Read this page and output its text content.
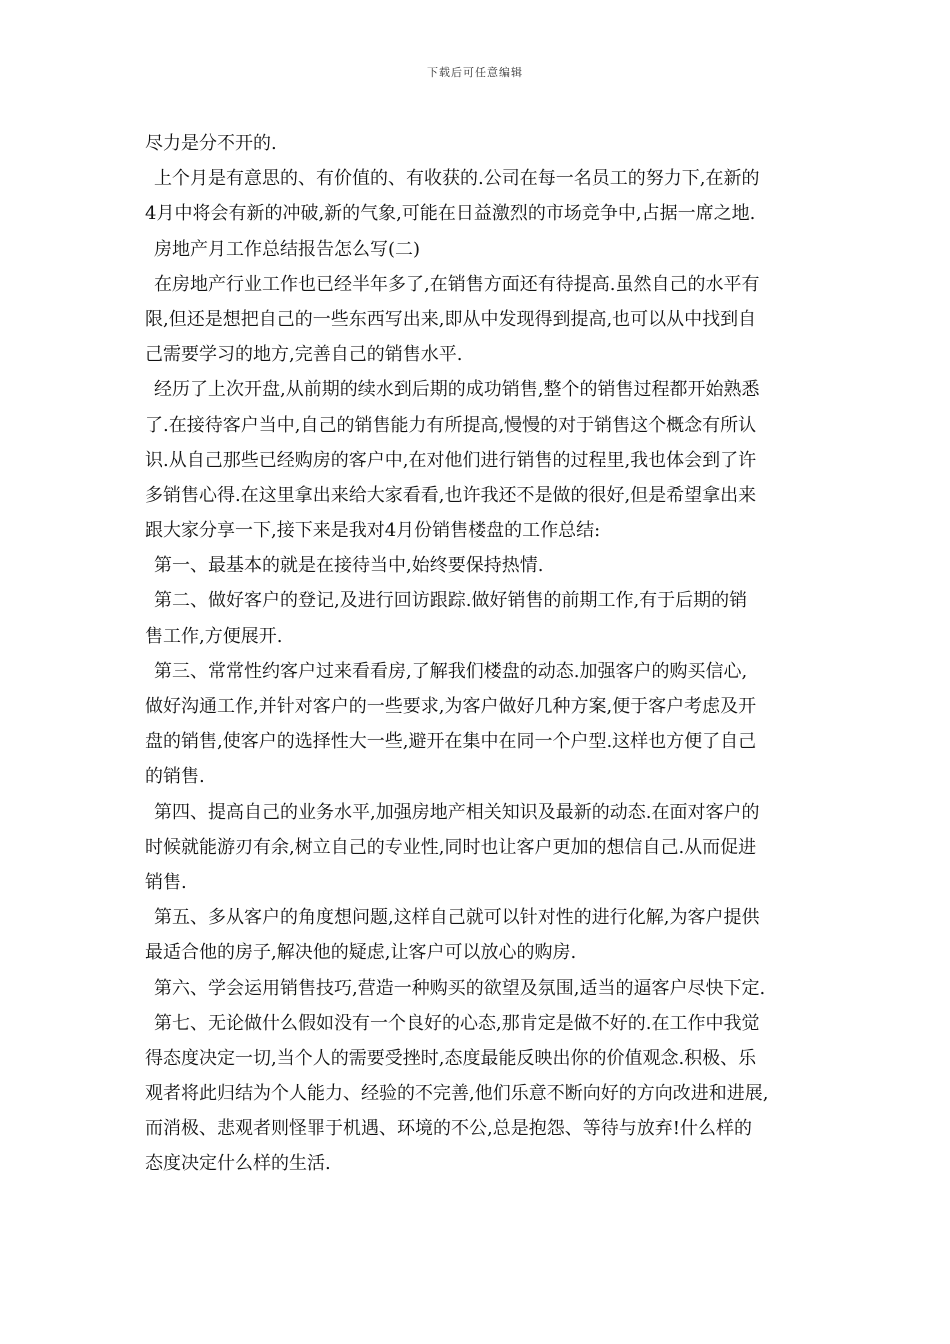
下载后可任意编辑
尽力是分不开的.
上个月是有意思的、有价值的、有收获的.公司在每一名员工的努力下,在新的
4月中将会有新的冲破,新的气象,可能在日益激烈的市场竞争中,占据一席之地.
房地产月工作总结报告怎么写(二)
在房地产行业工作也已经半年多了,在销售方面还有待提高.虽然自己的水平有
限,但还是想把自己的一些东西写出来,即从中发现得到提高,也可以从中找到自
己需要学习的地方,完善自己的销售水平.
经历了上次开盘,从前期的续水到后期的成功销售,整个的销售过程都开始熟悉
了.在接待客户当中,自己的销售能力有所提高,慢慢的对于销售这个概念有所认
识.从自己那些已经购房的客户中,在对他们进行销售的过程里,我也体会到了许
多销售心得.在这里拿出来给大家看看,也许我还不是做的很好,但是希望拿出来
跟大家分享一下,接下来是我对4月份销售楼盘的工作总结:
第一、最基本的就是在接待当中,始终要保持热情.
第二、做好客户的登记,及进行回访跟踪.做好销售的前期工作,有于后期的销
售工作,方便展开.
第三、常常性约客户过来看看房,了解我们楼盘的动态.加强客户的购买信心,
做好沟通工作,并针对客户的一些要求,为客户做好几种方案,便于客户考虑及开
盘的销售,使客户的选择性大一些,避开在集中在同一个户型.这样也方便了自己
的销售.
第四、提高自己的业务水平,加强房地产相关知识及最新的动态.在面对客户的
时候就能游刃有余,树立自己的专业性,同时也让客户更加的想信自己.从而促进
销售.
第五、多从客户的角度想问题,这样自己就可以针对性的进行化解,为客户提供
最适合他的房子,解决他的疑虑,让客户可以放心的购房.
第六、学会运用销售技巧,营造一种购买的欲望及氛围,适当的逼客户尽快下定.
第七、无论做什么假如没有一个良好的心态,那肯定是做不好的.在工作中我觉
得态度决定一切,当个人的需要受挫时,态度最能反映出你的价值观念.积极、乐
观者将此归结为个人能力、经验的不完善,他们乐意不断向好的方向改进和进展,
而消极、悲观者则怪罪于机遇、环境的不公,总是抱怨、等待与放弃!什么样的
态度决定什么样的生活.
